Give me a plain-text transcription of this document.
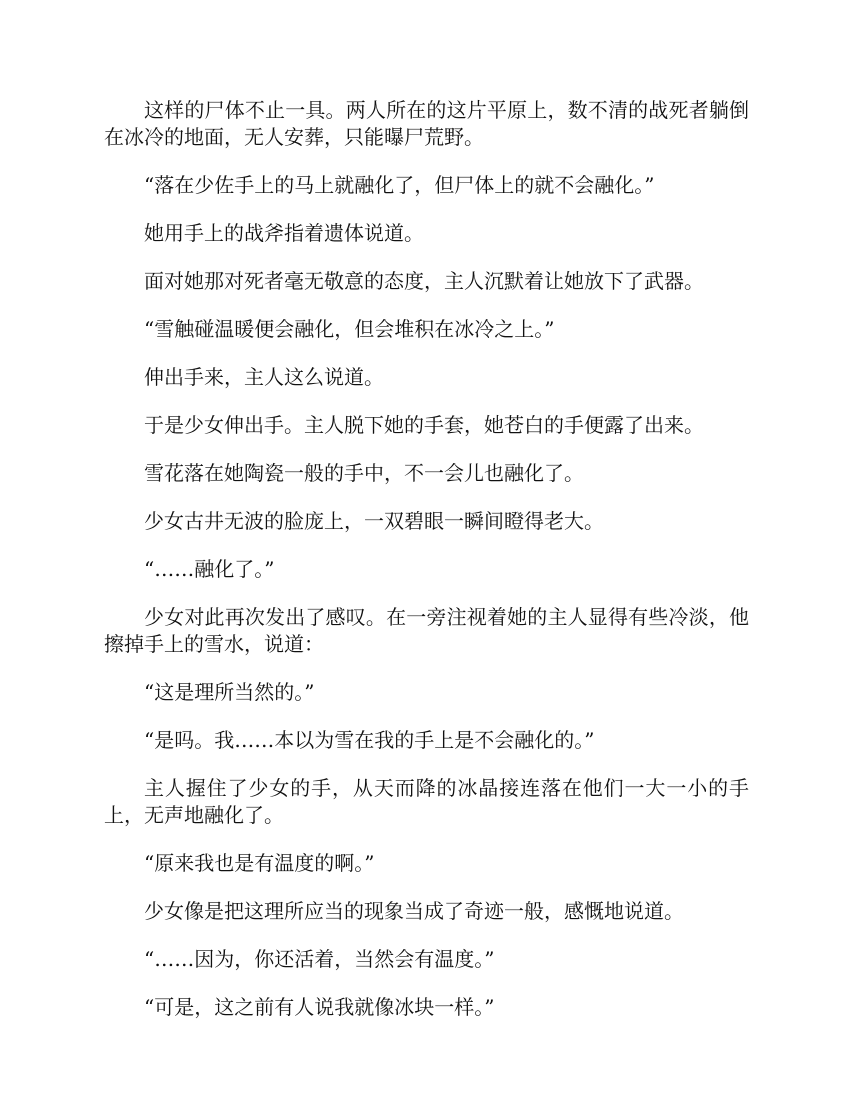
这样的尸体不止一具。两人所在的这片平原上，数不清的战死者躺倒在冰冷的地面，无人安葬，只能曝尸荒野。

“落在少佐手上的马上就融化了，但尸体上的就不会融化。”

她用手上的战斧指着遗体说道。

面对她那对死者毫无敬意的态度，主人沉默着让她放下了武器。

“雪触碰温暖便会融化，但会堆积在冰冷之上。”

伸出手来，主人这么说道。

于是少女伸出手。主人脱下她的手套，她苍白的手便露了出来。

雪花落在她陶瓷一般的手中，不一会儿也融化了。

少女古井无波的脸庞上，一双碧眼一瞬间瞪得老大。

“……融化了。”

少女对此再次发出了感叹。在一旁注视着她的主人显得有些冷淡，他擦掉手上的雪水，说道：

“这是理所当然的。”

“是吗。我……本以为雪在我的手上是不会融化的。”

主人握住了少女的手，从天而降的冰晶接连落在他们一大一小的手上，无声地融化了。

“原来我也是有温度的啊。”

少女像是把这理所应当的现象当成了奇迹一般，感慨地说道。

“……因为，你还活着，当然会有温度。”

“可是，这之前有人说我就像冰块一样。”
